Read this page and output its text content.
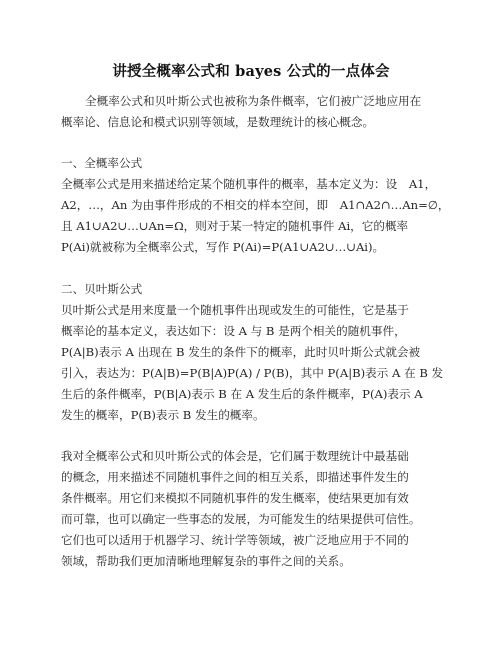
讲授全概率公式和 bayes 公式的一点体会
全概率公式和贝叶斯公式也被称为条件概率，它们被广泛地应用在
概率论、信息论和模式识别等领域，是数理统计的核心概念。
一、全概率公式
全概率公式是用来描述给定某个随机事件的概率，基本定义为：设　A1，
A2，…，An 为由事件形成的不相交的样本空间，即　A1∩A2∩…An=∅，
且 A1∪A2∪…∪An=Ω，则对于某一特定的随机事件 Ai，它的概率
P(Ai)就被称为全概率公式，写作 P(Ai)=P(A1∪A2∪…∪Ai)。
二、贝叶斯公式
贝叶斯公式是用来度量一个随机事件出现或发生的可能性，它是基于
概率论的基本定义，表达如下：设 A 与 B 是两个相关的随机事件，
P(A|B)表示 A 出现在 B 发生的条件下的概率，此时贝叶斯公式就会被
引入，表达为：P(A|B)=P(B|A)P(A) / P(B)，其中 P(A|B)表示 A 在 B 发
生后的条件概率，P(B|A)表示 B 在 A 发生后的条件概率，P(A)表示 A
发生的概率，P(B)表示 B 发生的概率。
我对全概率公式和贝叶斯公式的体会是，它们属于数理统计中最基础
的概念，用来描述不同随机事件之间的相互关系，即描述事件发生的
条件概率。用它们来模拟不同随机事件的发生概率，使结果更加有效
而可靠，也可以确定一些事态的发展，为可能发生的结果提供可信性。
它们也可以适用于机器学习、统计学等领域，被广泛地应用于不同的
领域，帮助我们更加清晰地理解复杂的事件之间的关系。
